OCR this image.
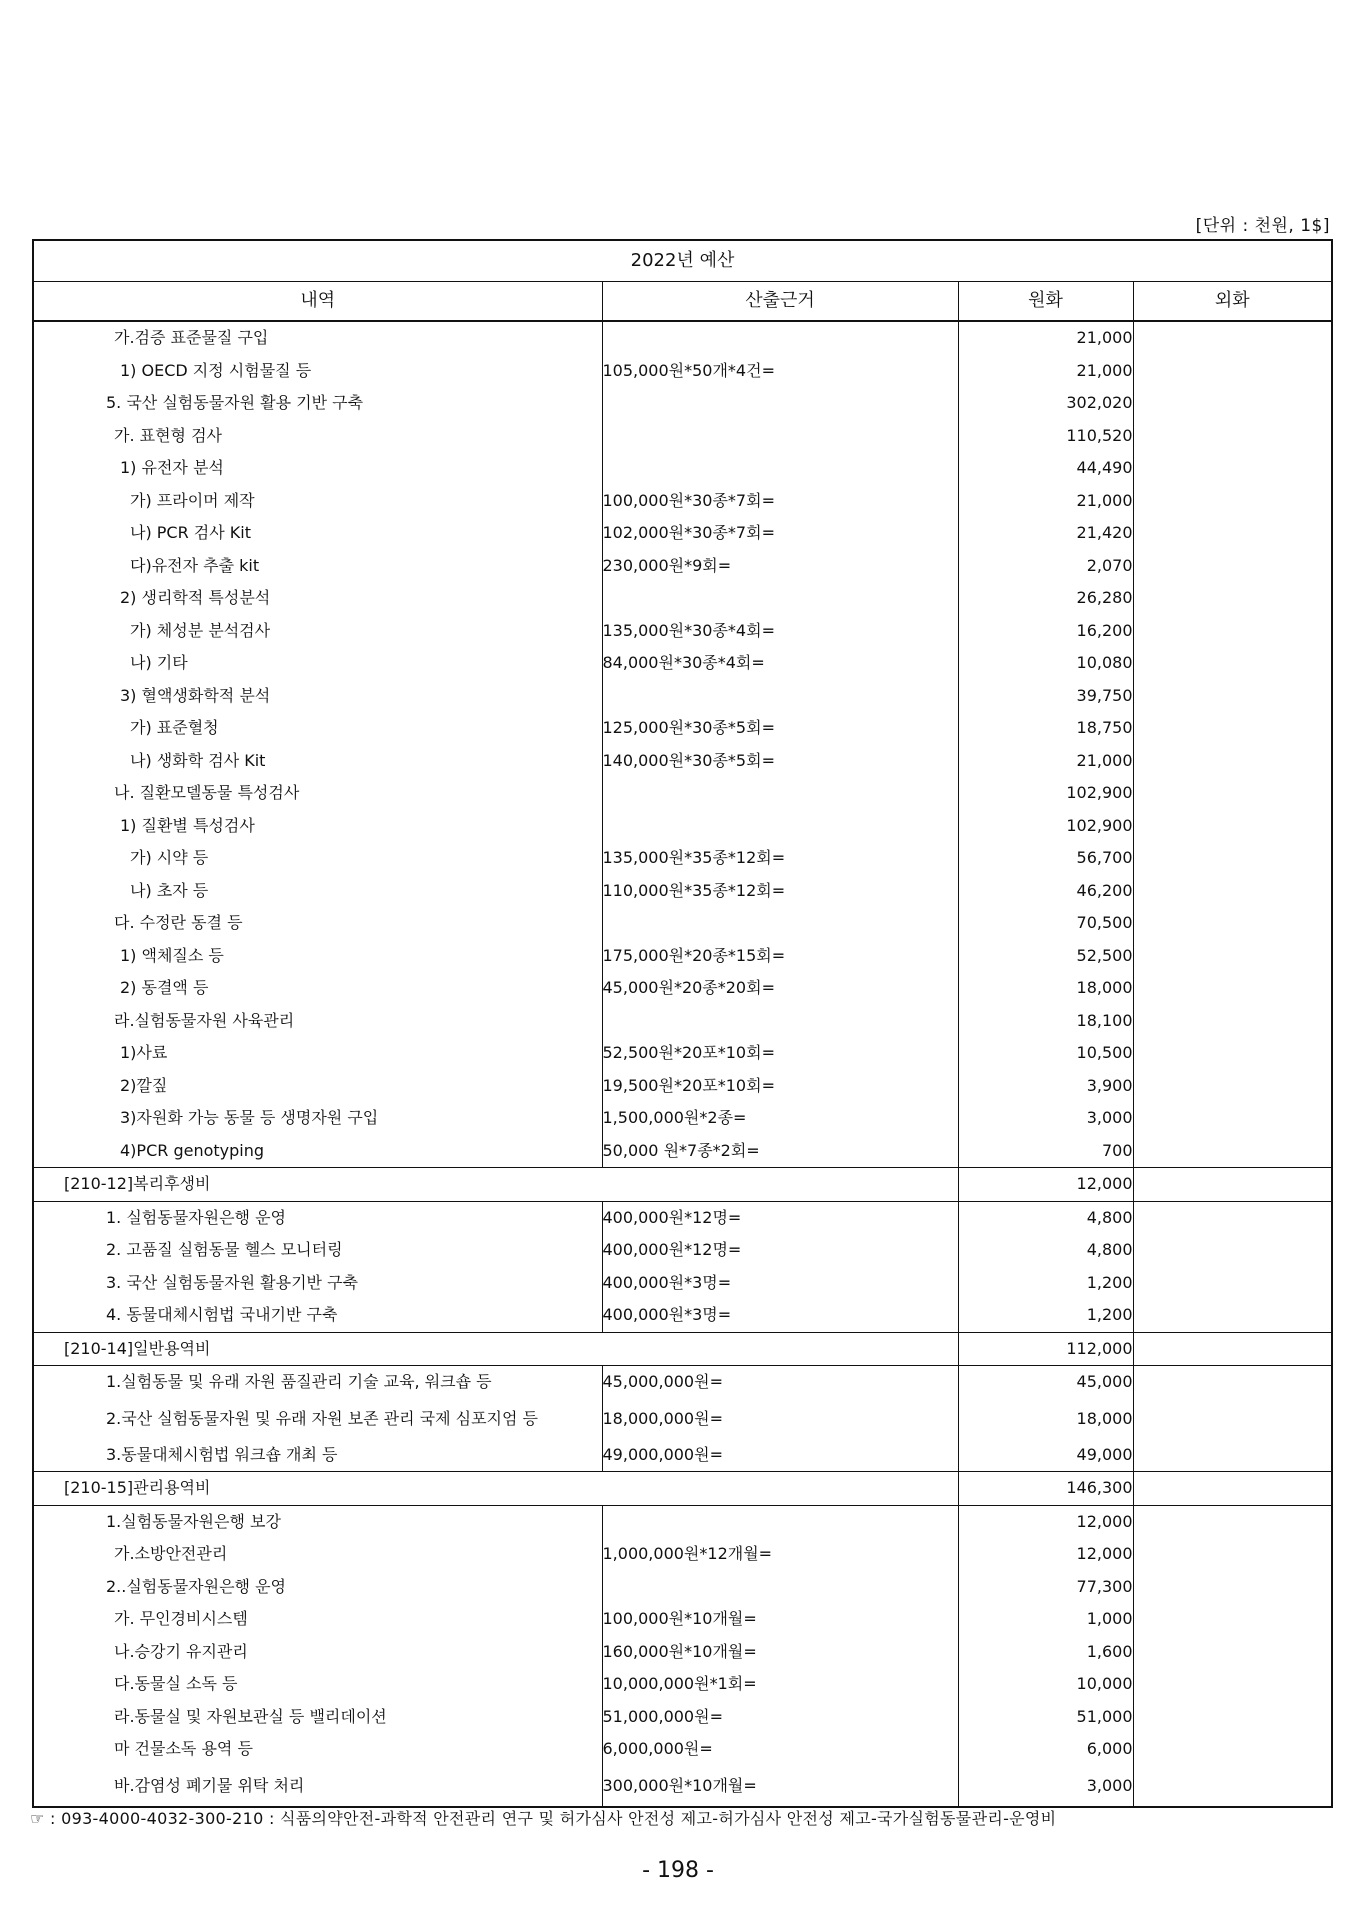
[단위 : 천원, 1$]
2022년 예산			
내역	산출근거	원화	외화
가.검증 표준물질 구입		21,000	
1) OECD 지정 시험물질 등	105,000원*50개*4건=	21,000	
5. 국산 실험동물자원 활용 기반 구축		302,020	
가. 표현형 검사		110,520	
1) 유전자 분석		44,490	
가) 프라이머 제작	100,000원*30종*7회=	21,000	
나) PCR 검사 Kit	102,000원*30종*7회=	21,420	
다)유전자 추출 kit	230,000원*9회=	2,070	
2) 생리학적 특성분석		26,280	
가) 체성분 분석검사	135,000원*30종*4회=	16,200	
나) 기타	84,000원*30종*4회=	10,080	
3) 혈액생화학적 분석		39,750	
가) 표준혈청	125,000원*30종*5회=	18,750	
나) 생화학 검사 Kit	140,000원*30종*5회=	21,000	
나. 질환모델동물 특성검사		102,900	
1) 질환별 특성검사		102,900	
가) 시약 등	135,000원*35종*12회=	56,700	
나) 초자 등	110,000원*35종*12회=	46,200	
다. 수정란 동결 등		70,500	
1) 액체질소 등	175,000원*20종*15회=	52,500	
2) 동결액 등	45,000원*20종*20회=	18,000	
라.실험동물자원 사육관리		18,100	
1)사료	52,500원*20포*10회=	10,500	
2)깔짚	19,500원*20포*10회=	3,900	
3)자원화 가능 동물 등 생명자원 구입	1,500,000원*2종=	3,000	
4)PCR genotyping	50,000 원*7종*2회=	700	
[210-12]복리후생비		12,000	
1. 실험동물자원은행 운영	400,000원*12명=	4,800	
2. 고품질 실험동물 헬스 모니터링	400,000원*12명=	4,800	
3. 국산 실험동물자원 활용기반 구축	400,000원*3명=	1,200	
4. 동물대체시험법 국내기반 구축	400,000원*3명=	1,200	
[210-14]일반용역비		112,000	
1.실험동물 및 유래 자원 품질관리 기술 교육, 워크숍 등	45,000,000원=	45,000	
2.국산 실험동물자원 및 유래 자원 보존 관리 국제 심포지엄 등	18,000,000원=	18,000	
3.동물대체시험법 워크숍 개최 등	49,000,000원=	49,000	
[210-15]관리용역비		146,300	
1.실험동물자원은행 보강		12,000	
가.소방안전관리	1,000,000원*12개월=	12,000	
2..실험동물자원은행 운영		77,300	
가. 무인경비시스템	100,000원*10개월=	1,000	
나.승강기 유지관리	160,000원*10개월=	1,600	
다.동물실 소독 등	10,000,000원*1회=	10,000	
라.동물실 및 자원보관실 등 밸리데이션	51,000,000원=	51,000	
마 건물소독 용역 등	6,000,000원=	6,000	
바.감염성 폐기물 위탁 처리	300,000원*10개월=	3,000	
☞ : 093-4000-4032-300-210 : 식품의약안전-과학적 안전관리 연구 및 허가심사 안전성 제고-허가심사 안전성 제고-국가실험동물관리-운영비
- 198 -
